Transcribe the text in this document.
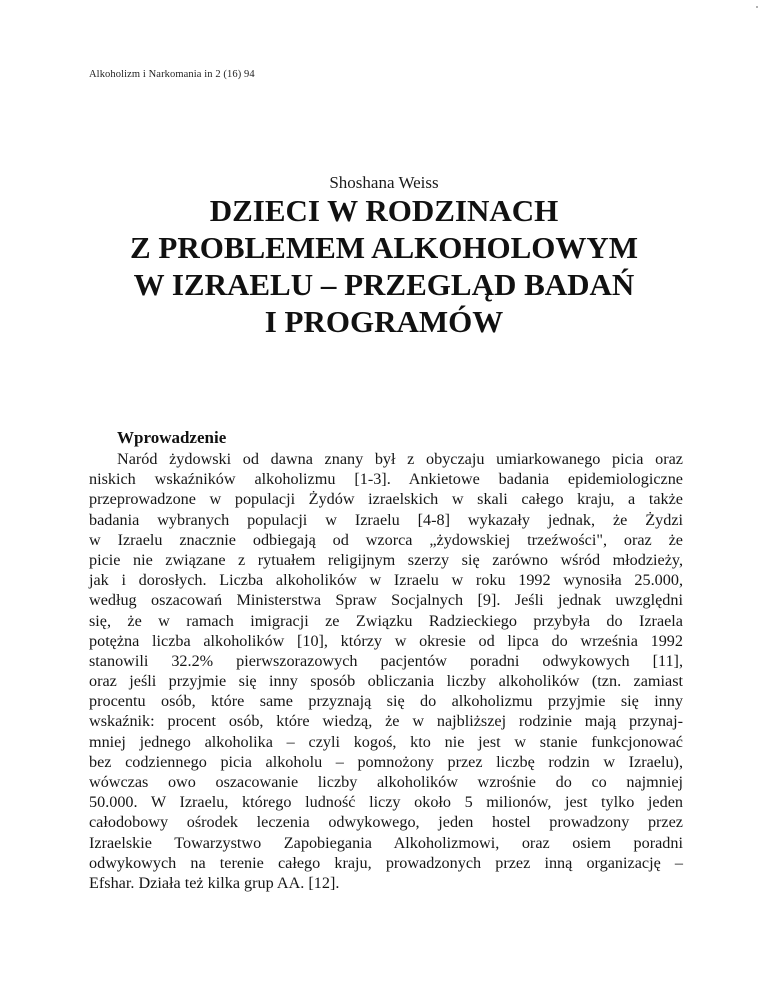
Alkoholizm i Narkomania in 2 (16) 94
Shoshana Weiss
DZIECI W RODZINACH
Z PROBLEMEM ALKOHOLOWYM
W IZRAELU – PRZEGLĄD BADAŃ
I PROGRAMÓW
Wprowadzenie

Naród żydowski od dawna znany był z obyczaju umiarkowanego picia oraz
niskich wskaźników alkoholizmu [1-3]. Ankietowe badania epidemiologiczne
przeprowadzone w populacji Żydów izraelskich w skali całego kraju, a także
badania wybranych populacji w Izraelu [4-8] wykazały jednak, że Żydzi
w Izraelu znacznie odbiegają od wzorca „żydowskiej trzeźwości", oraz że
picie nie związane z rytuałem religijnym szerzy się zarówno wśród młodzieży,
jak i dorosłych. Liczba alkoholików w Izraelu w roku 1992 wynosiła 25.000,
według oszacowań Ministerstwa Spraw Socjalnych [9]. Jeśli jednak uwzględni
się, że w ramach imigracji ze Związku Radzieckiego przybyła do Izraela
potężna liczba alkoholików [10], którzy w okresie od lipca do września 1992
stanowili 32.2% pierwszorazowych pacjentów poradni odwykowych [11],
oraz jeśli przyjmie się inny sposób obliczania liczby alkoholików (tzn. zamiast
procentu osób, które same przyznają się do alkoholizmu przyjmie się inny
wskaźnik: procent osób, które wiedzą, że w najbliższej rodzinie mają przynaj-
mniej jednego alkoholika – czyli kogoś, kto nie jest w stanie funkcjonować
bez codziennego picia alkoholu – pomnożony przez liczbę rodzin w Izraelu),
wówczas owo oszacowanie liczby alkoholików wzrośnie do co najmniej
50.000. W Izraelu, którego ludność liczy około 5 milionów, jest tylko jeden
całodobowy ośrodek leczenia odwykowego, jeden hostel prowadzony przez
Izraelskie Towarzystwo Zapobiegania Alkoholizmowi, oraz osiem poradni
odwykowych na terenie całego kraju, prowadzonych przez inną organizację –
Efshar. Działa też kilka grup AA. [12].
